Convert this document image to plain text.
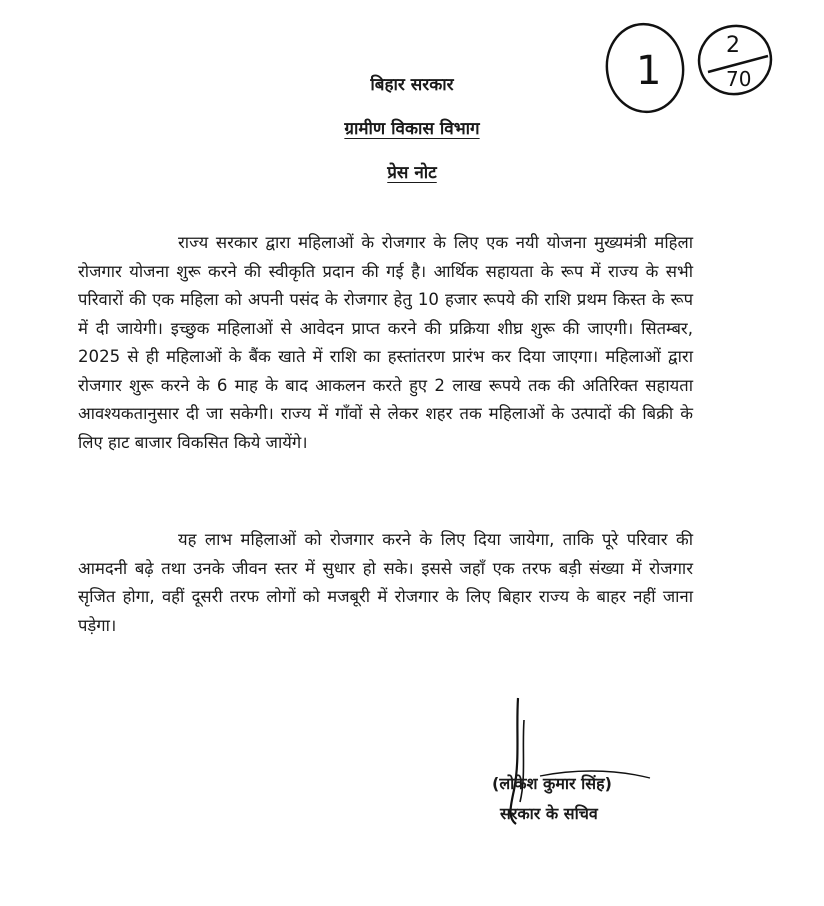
1
2
70
बिहार सरकार
ग्रामीण विकास विभाग
प्रेस नोट

राज्य सरकार द्वारा महिलाओं के रोजगार के लिए एक नयी योजना मुख्यमंत्री महिला रोजगार योजना शुरू करने की स्वीकृति प्रदान की गई है। आर्थिक सहायता के रूप में राज्य के सभी परिवारों की एक महिला को अपनी पसंद के रोजगार हेतु 10 हजार रूपये की राशि प्रथम किस्त के रूप में दी जायेगी। इच्छुक महिलाओं से आवेदन प्राप्त करने की प्रक्रिया शीघ्र शुरू की जाएगी। सितम्बर, 2025 से ही महिलाओं के बैंक खाते में राशि का हस्तांतरण प्रारंभ कर दिया जाएगा। महिलाओं द्वारा रोजगार शुरू करने के 6 माह के बाद आकलन करते हुए 2 लाख रूपये तक की अतिरिक्त सहायता आवश्यकतानुसार दी जा सकेगी। राज्य में गाँवों से लेकर शहर तक महिलाओं के उत्पादों की बिक्री के लिए हाट बाजार विकसित किये जायेंगे।

यह लाभ महिलाओं को रोजगार करने के लिए दिया जायेगा, ताकि पूरे परिवार की आमदनी बढ़े तथा उनके जीवन स्तर में सुधार हो सके। इससे जहाँ एक तरफ बड़ी संख्या में रोजगार सृजित होगा, वहीं दूसरी तरफ लोगों को मजबूरी में रोजगार के लिए बिहार राज्य के बाहर नहीं जाना पड़ेगा।

(लोकेश कुमार सिंह)
सरकार के सचिव
